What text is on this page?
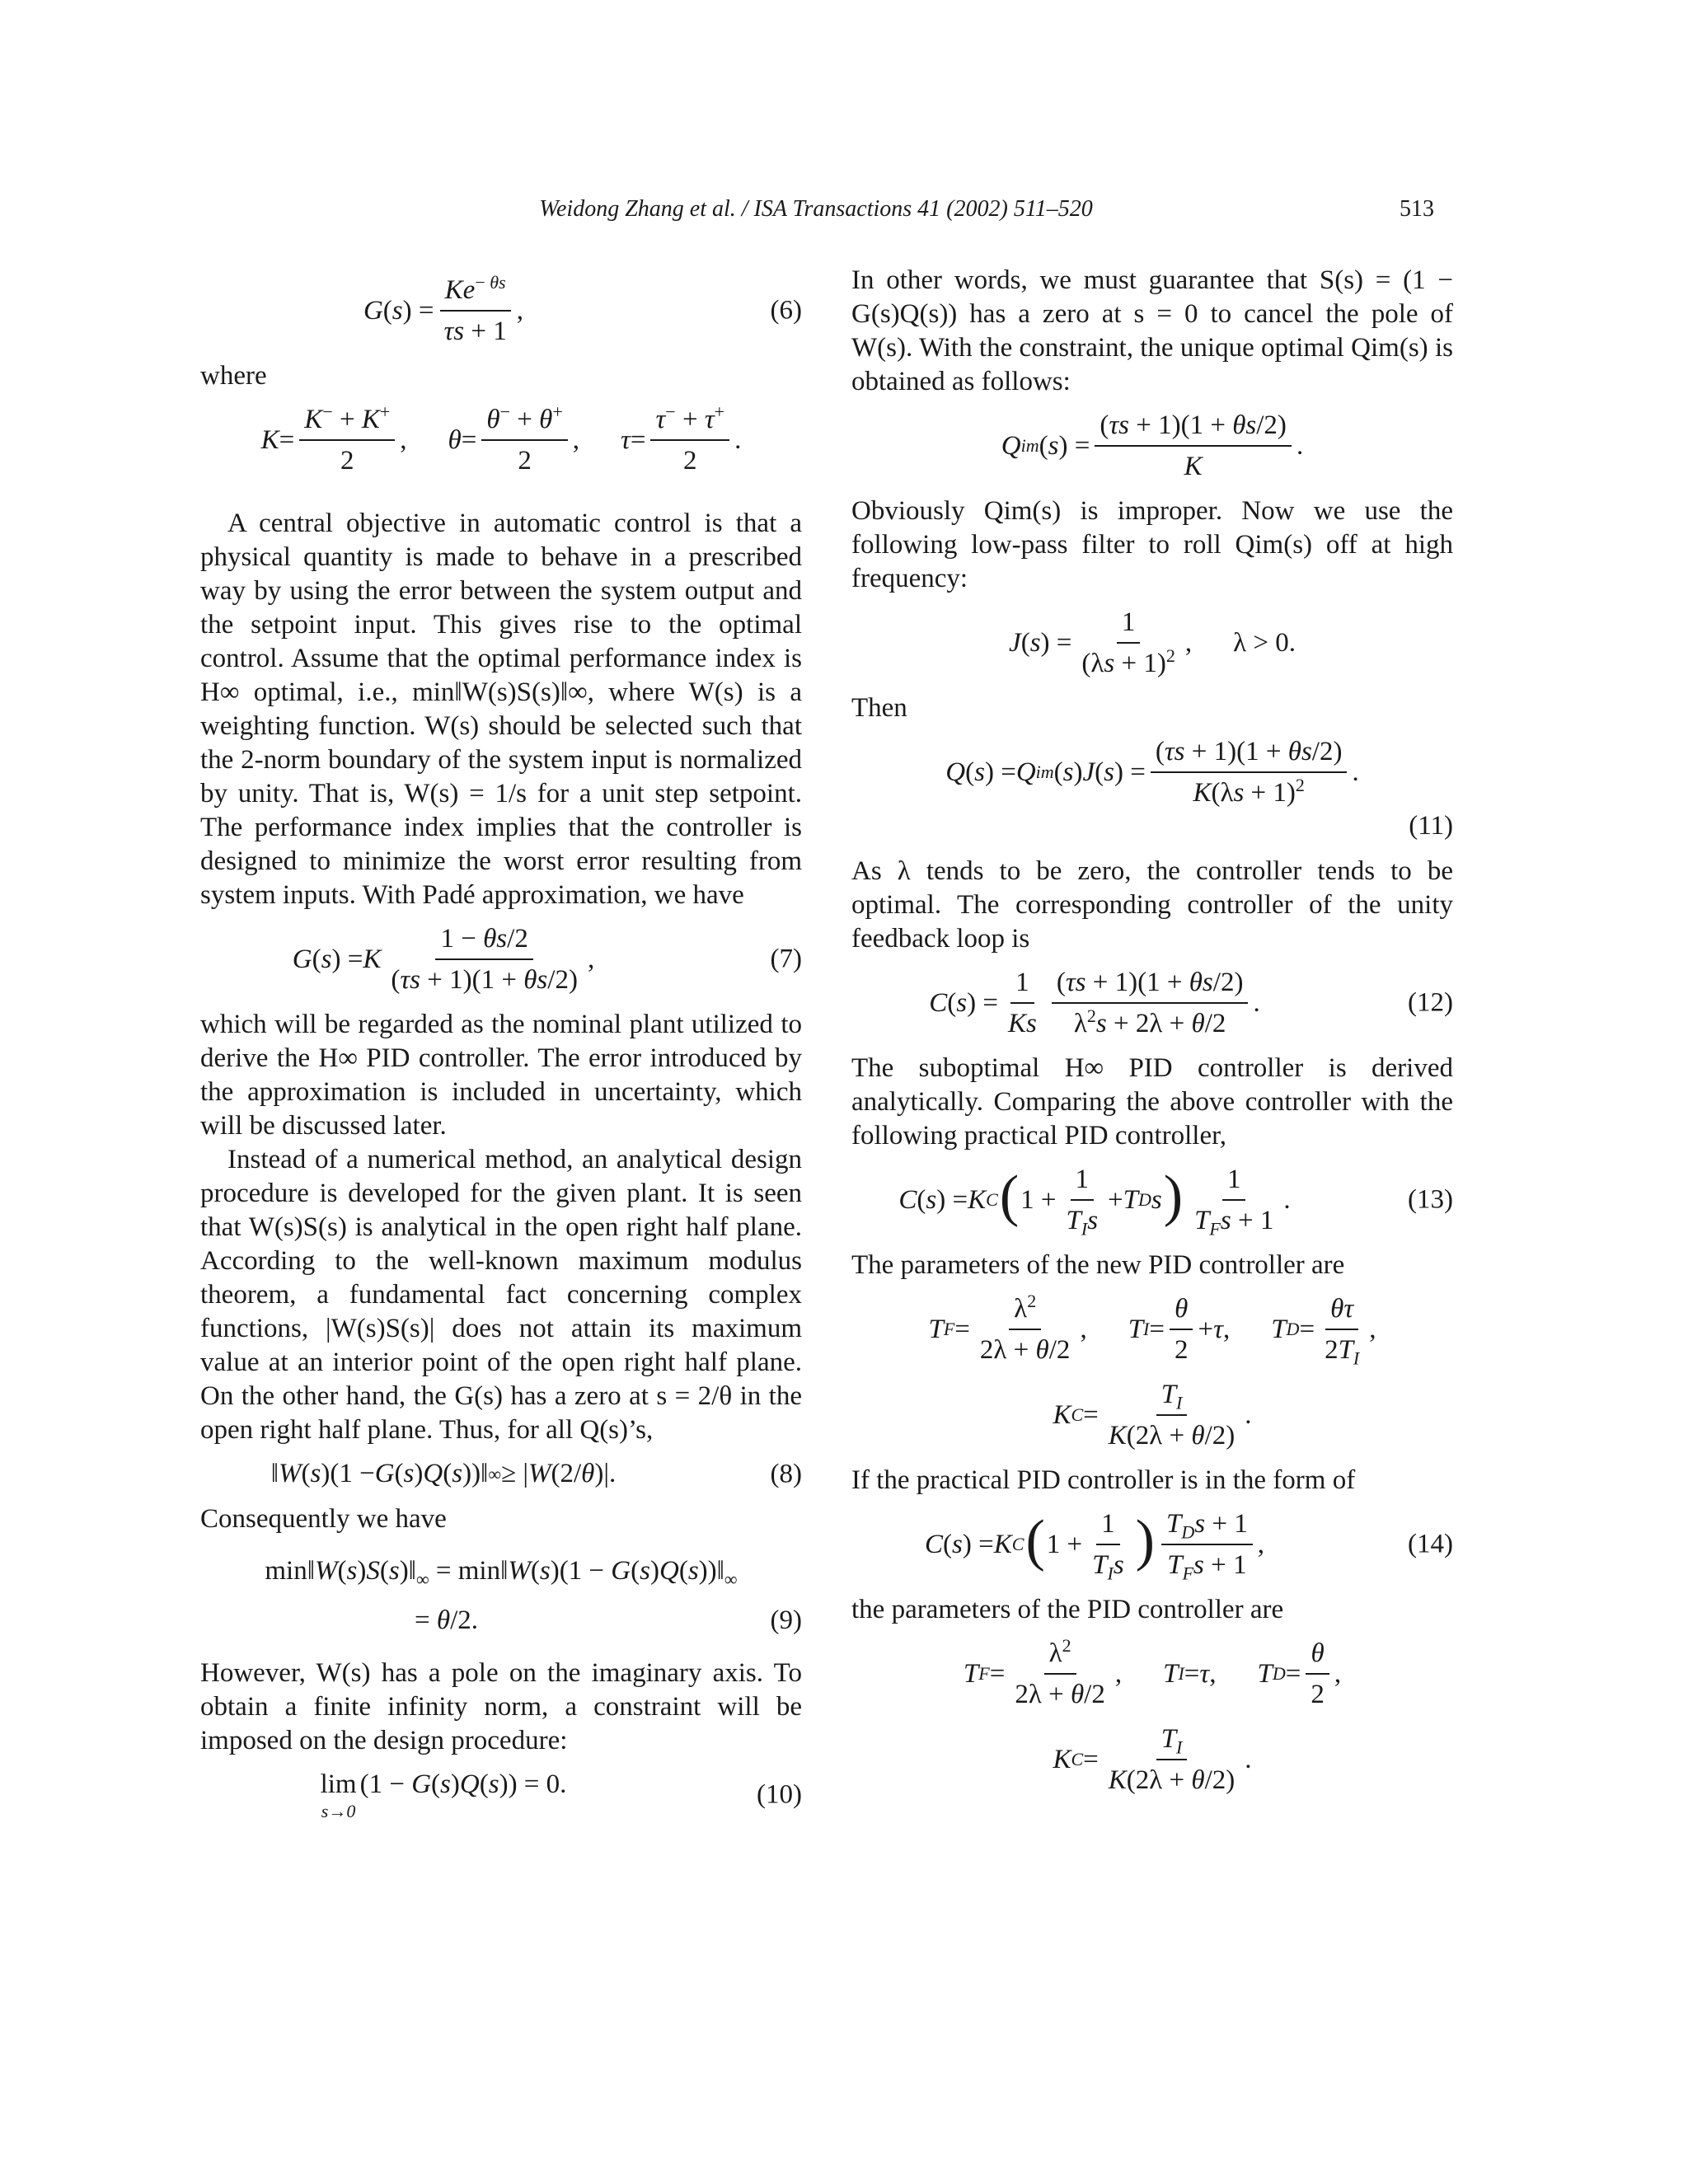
Weidong Zhang et al. / ISA Transactions 41 (2002) 511–520	513
G ( s ) = $\frac{Ke^{- \theta s}}{\tau s + 1}$ ,	(6)

where

$K = \frac{K^- + K^+}{2}$ , $\theta = \frac{\theta^- + \theta^+}{2}$ , $\tau = \frac{\tau^- + \tau^+}{2}$ .

A central objective in automatic control is that a physical quantity is made to behave in a prescribed way by using the error between the system output and the setpoint input. This gives rise to the optimal control. Assume that the optimal performance index is H∞ optimal, i.e., min‖W(s)S(s)‖∞, where W(s) is a weighting function. W(s) should be selected such that the 2-norm boundary of the system input is normalized by unity. That is, W(s) = 1/s for a unit step setpoint. The performance index implies that the controller is designed to minimize the worst error resulting from system inputs. With Padé approximation, we have

G ( s ) = K $\frac{1 - \theta s/2}{(\tau s + 1)(1 + \theta s/2)}$ ,	(7)

which will be regarded as the nominal plant utilized to derive the H∞ PID controller. The error introduced by the approximation is included in uncertainty, which will be discussed later.

Instead of a numerical method, an analytical design procedure is developed for the given plant. It is seen that W(s)S(s) is analytical in the open right half plane. According to the well-known maximum modulus theorem, a fundamental fact concerning complex functions, |W(s)S(s)| does not attain its maximum value at an interior point of the open right half plane. On the other hand, the G(s) has a zero at s = 2/θ in the open right half plane. Thus, for all Q(s)’s,

‖W ( s )(1 − G ( s ) Q ( s ))‖ ∞ ≥ | W (2/ θ )|.	(8)

Consequently we have

$\min‖W(s)S(s)‖_\infty$ = min‖W(s)(1 − $G(s)Q(s))‖_\infty$
= θ/2.	(9)

However, W(s) has a pole on the imaginary axis. To obtain a finite infinity norm, a constraint will be imposed on the design procedure:

lim
s→0
(1 − G(s)Q(s)) = 0.	(10)

In other words, we must guarantee that S(s) = (1 − G(s)Q(s)) has a zero at s = 0 to cancel the pole of W(s). With the constraint, the unique optimal Qim(s) is obtained as follows:

Q im ( s ) = $\frac{(\tau s + 1)(1 + \theta s/2)}{K}$ .

Obviously Qim(s) is improper. Now we use the following low-pass filter to roll Qim(s) off at high frequency:

J ( s ) = $\frac{1}{(\lambda s + 1)^2}$ ,
λ > 0.

Then

Q ( s ) = Q im ( s ) J ( s ) = $\frac{(\tau s + 1)(1 + \theta s/2)}{K(\lambda s + 1)^2}$ .
(11)

As λ tends to be zero, the controller tends to be optimal. The corresponding controller of the unity feedback loop is

C ( s ) = $\frac{1}{Ks} \frac{(\tau s + 1)(1 + \theta s/2)}{\lambda^2s + 2\lambda + \theta/2}$ .	(12)

The suboptimal H∞ PID controller is derived analytically. Comparing the above controller with the following practical PID controller,

C ( s ) = K C ( $1 + \frac{1}{T_Is} + T$ D s ) $\frac{1}{T_Fs + 1}$ .	(13)

The parameters of the new PID controller are

T $F = \frac{\lambda^2}{2\lambda + \theta/2}$ , T $I = \frac{\theta}{2} + \tau$ , T $D = \frac{\theta\tau}{2T_I}$ ,
K $C = \frac{T_I}{K(2\lambda + \theta/2)}$ .

If the practical PID controller is in the form of

C ( s ) = K C ( $1 + \frac{1}{T_Is}$ ) $\frac{T_Ds + 1}{T_Fs + 1}$ ,	(14)

the parameters of the PID controller are

T $F = \frac{\lambda^2}{2\lambda + \theta/2}$ , T I = τ , T $D = \frac{\theta}{2}$ ,
K $C = \frac{T_I}{K(2\lambda + \theta/2)}$ .
